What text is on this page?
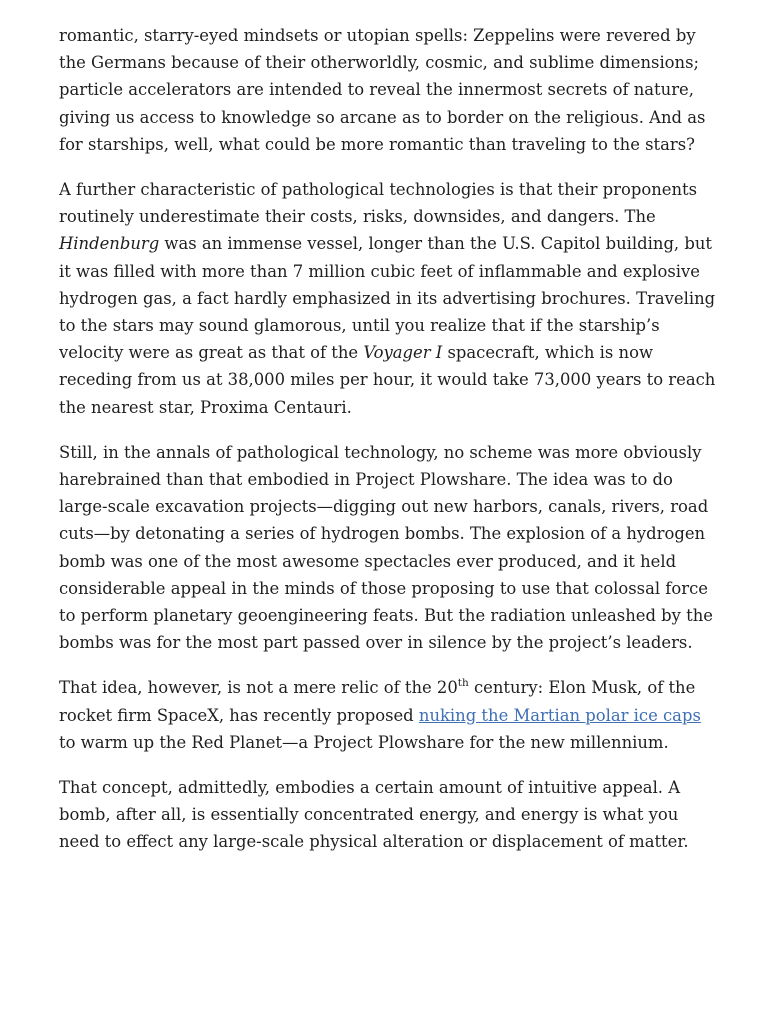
romantic, starry-eyed mindsets or utopian spells: Zeppelins were revered by the Germans because of their otherworldly, cosmic, and sublime dimensions; particle accelerators are intended to reveal the innermost secrets of nature, giving us access to knowledge so arcane as to border on the religious. And as for starships, well, what could be more romantic than traveling to the stars?

A further characteristic of pathological technologies is that their proponents routinely underestimate their costs, risks, downsides, and dangers. The Hindenburg was an immense vessel, longer than the U.S. Capitol building, but it was filled with more than 7 million cubic feet of inflammable and explosive hydrogen gas, a fact hardly emphasized in its advertising brochures. Traveling to the stars may sound glamorous, until you realize that if the starship’s velocity were as great as that of the Voyager I spacecraft, which is now receding from us at 38,000 miles per hour, it would take 73,000 years to reach the nearest star, Proxima Centauri.

Still, in the annals of pathological technology, no scheme was more obviously harebrained than that embodied in Project Plowshare. The idea was to do large-scale excavation projects—digging out new harbors, canals, rivers, road cuts—by detonating a series of hydrogen bombs. The explosion of a hydrogen bomb was one of the most awesome spectacles ever produced, and it held considerable appeal in the minds of those proposing to use that colossal force to perform planetary geoengineering feats. But the radiation unleashed by the bombs was for the most part passed over in silence by the project’s leaders.

That idea, however, is not a mere relic of the 20th century: Elon Musk, of the rocket firm SpaceX, has recently proposed nuking the Martian polar ice caps to warm up the Red Planet—a Project Plowshare for the new millennium.

That concept, admittedly, embodies a certain amount of intuitive appeal. A bomb, after all, is essentially concentrated energy, and energy is what you need to effect any large-scale physical alteration or displacement of matter.
